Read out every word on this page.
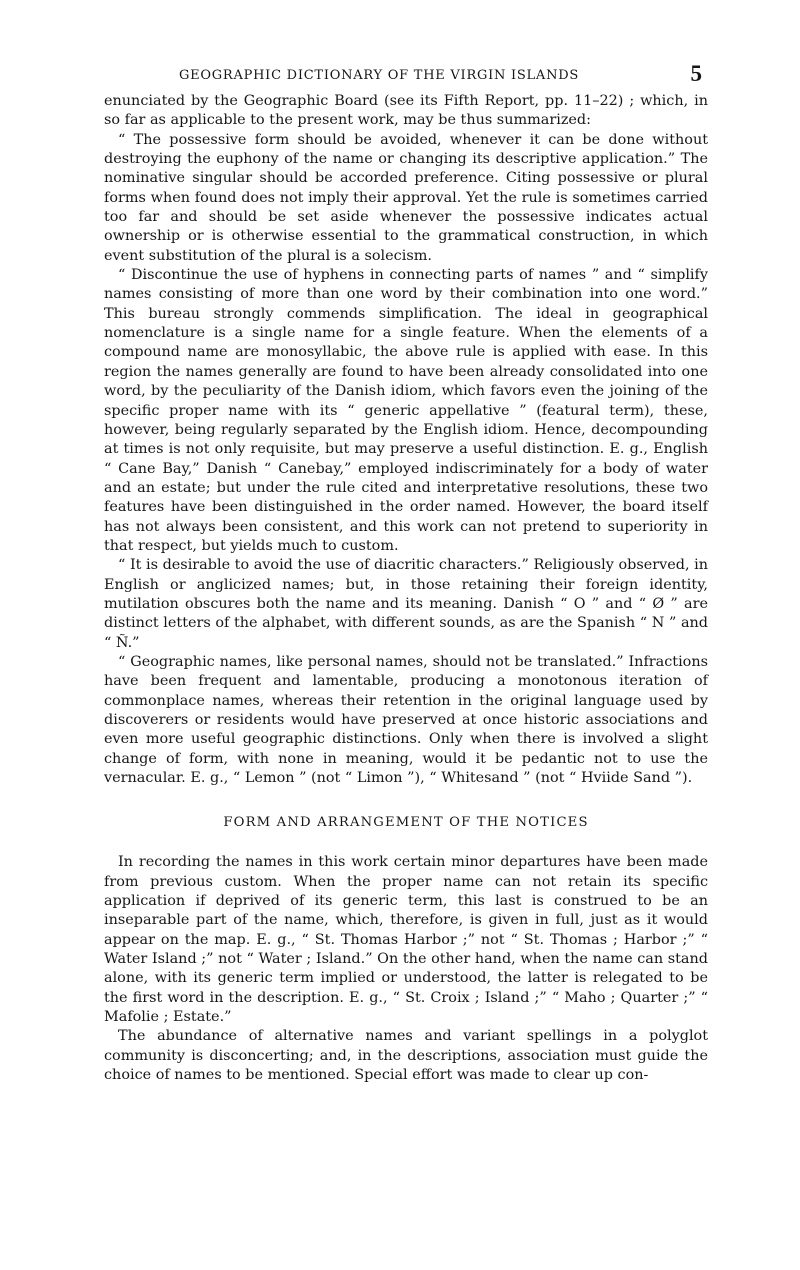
GEOGRAPHIC DICTIONARY OF THE VIRGIN ISLANDS	5

enunciated by the Geographic Board (see its Fifth Report, pp. 11–22) ; which, in so far as applicable to the present work, may be thus summarized:

“ The possessive form should be avoided, whenever it can be done without destroying the euphony of the name or changing its descriptive application.” The nominative singular should be accorded preference. Citing possessive or plural forms when found does not imply their approval. Yet the rule is sometimes carried too far and should be set aside whenever the possessive indicates actual ownership or is otherwise essential to the grammatical construction, in which event substitution of the plural is a solecism.

“ Discontinue the use of hyphens in connecting parts of names ” and “ simplify names consisting of more than one word by their combination into one word.” This bureau strongly commends simplification. The ideal in geographical nomenclature is a single name for a single feature. When the elements of a compound name are monosyllabic, the above rule is applied with ease. In this region the names generally are found to have been already consolidated into one word, by the peculiarity of the Danish idiom, which favors even the joining of the specific proper name with its “ generic appellative ” (featural term), these, however, being regularly separated by the English idiom. Hence, decompounding at times is not only requisite, but may preserve a useful distinction. E. g., English “ Cane Bay,” Danish “ Canebay,” employed indiscriminately for a body of water and an estate; but under the rule cited and interpretative resolutions, these two features have been distinguished in the order named. However, the board itself has not always been consistent, and this work can not pretend to superiority in that respect, but yields much to custom.

“ It is desirable to avoid the use of diacritic characters.” Religiously observed, in English or anglicized names; but, in those retaining their foreign identity, mutilation obscures both the name and its meaning. Danish “ O ” and “ Ø ” are distinct letters of the alphabet, with different sounds, as are the Spanish “ N ” and “ Ñ.”

“ Geographic names, like personal names, should not be translated.” Infractions have been frequent and lamentable, producing a monotonous iteration of commonplace names, whereas their retention in the original language used by discoverers or residents would have preserved at once historic associations and even more useful geographic distinctions. Only when there is involved a slight change of form, with none in meaning, would it be pedantic not to use the vernacular. E. g., “ Lemon ” (not “ Limon ”), “ Whitesand ” (not “ Hviide Sand ”).

FORM AND ARRANGEMENT OF THE NOTICES

In recording the names in this work certain minor departures have been made from previous custom. When the proper name can not retain its specific application if deprived of its generic term, this last is construed to be an inseparable part of the name, which, therefore, is given in full, just as it would appear on the map. E. g., “ St. Thomas Harbor ;” not “ St. Thomas ; Harbor ;” “ Water Island ;” not “ Water ; Island.” On the other hand, when the name can stand alone, with its generic term implied or understood, the latter is relegated to be the first word in the description. E. g., “ St. Croix ; Island ;” “ Maho ; Quarter ;” “ Mafolie ; Estate.”

The abundance of alternative names and variant spellings in a polyglot community is disconcerting; and, in the descriptions, association must guide the choice of names to be mentioned. Special effort was made to clear up con-
